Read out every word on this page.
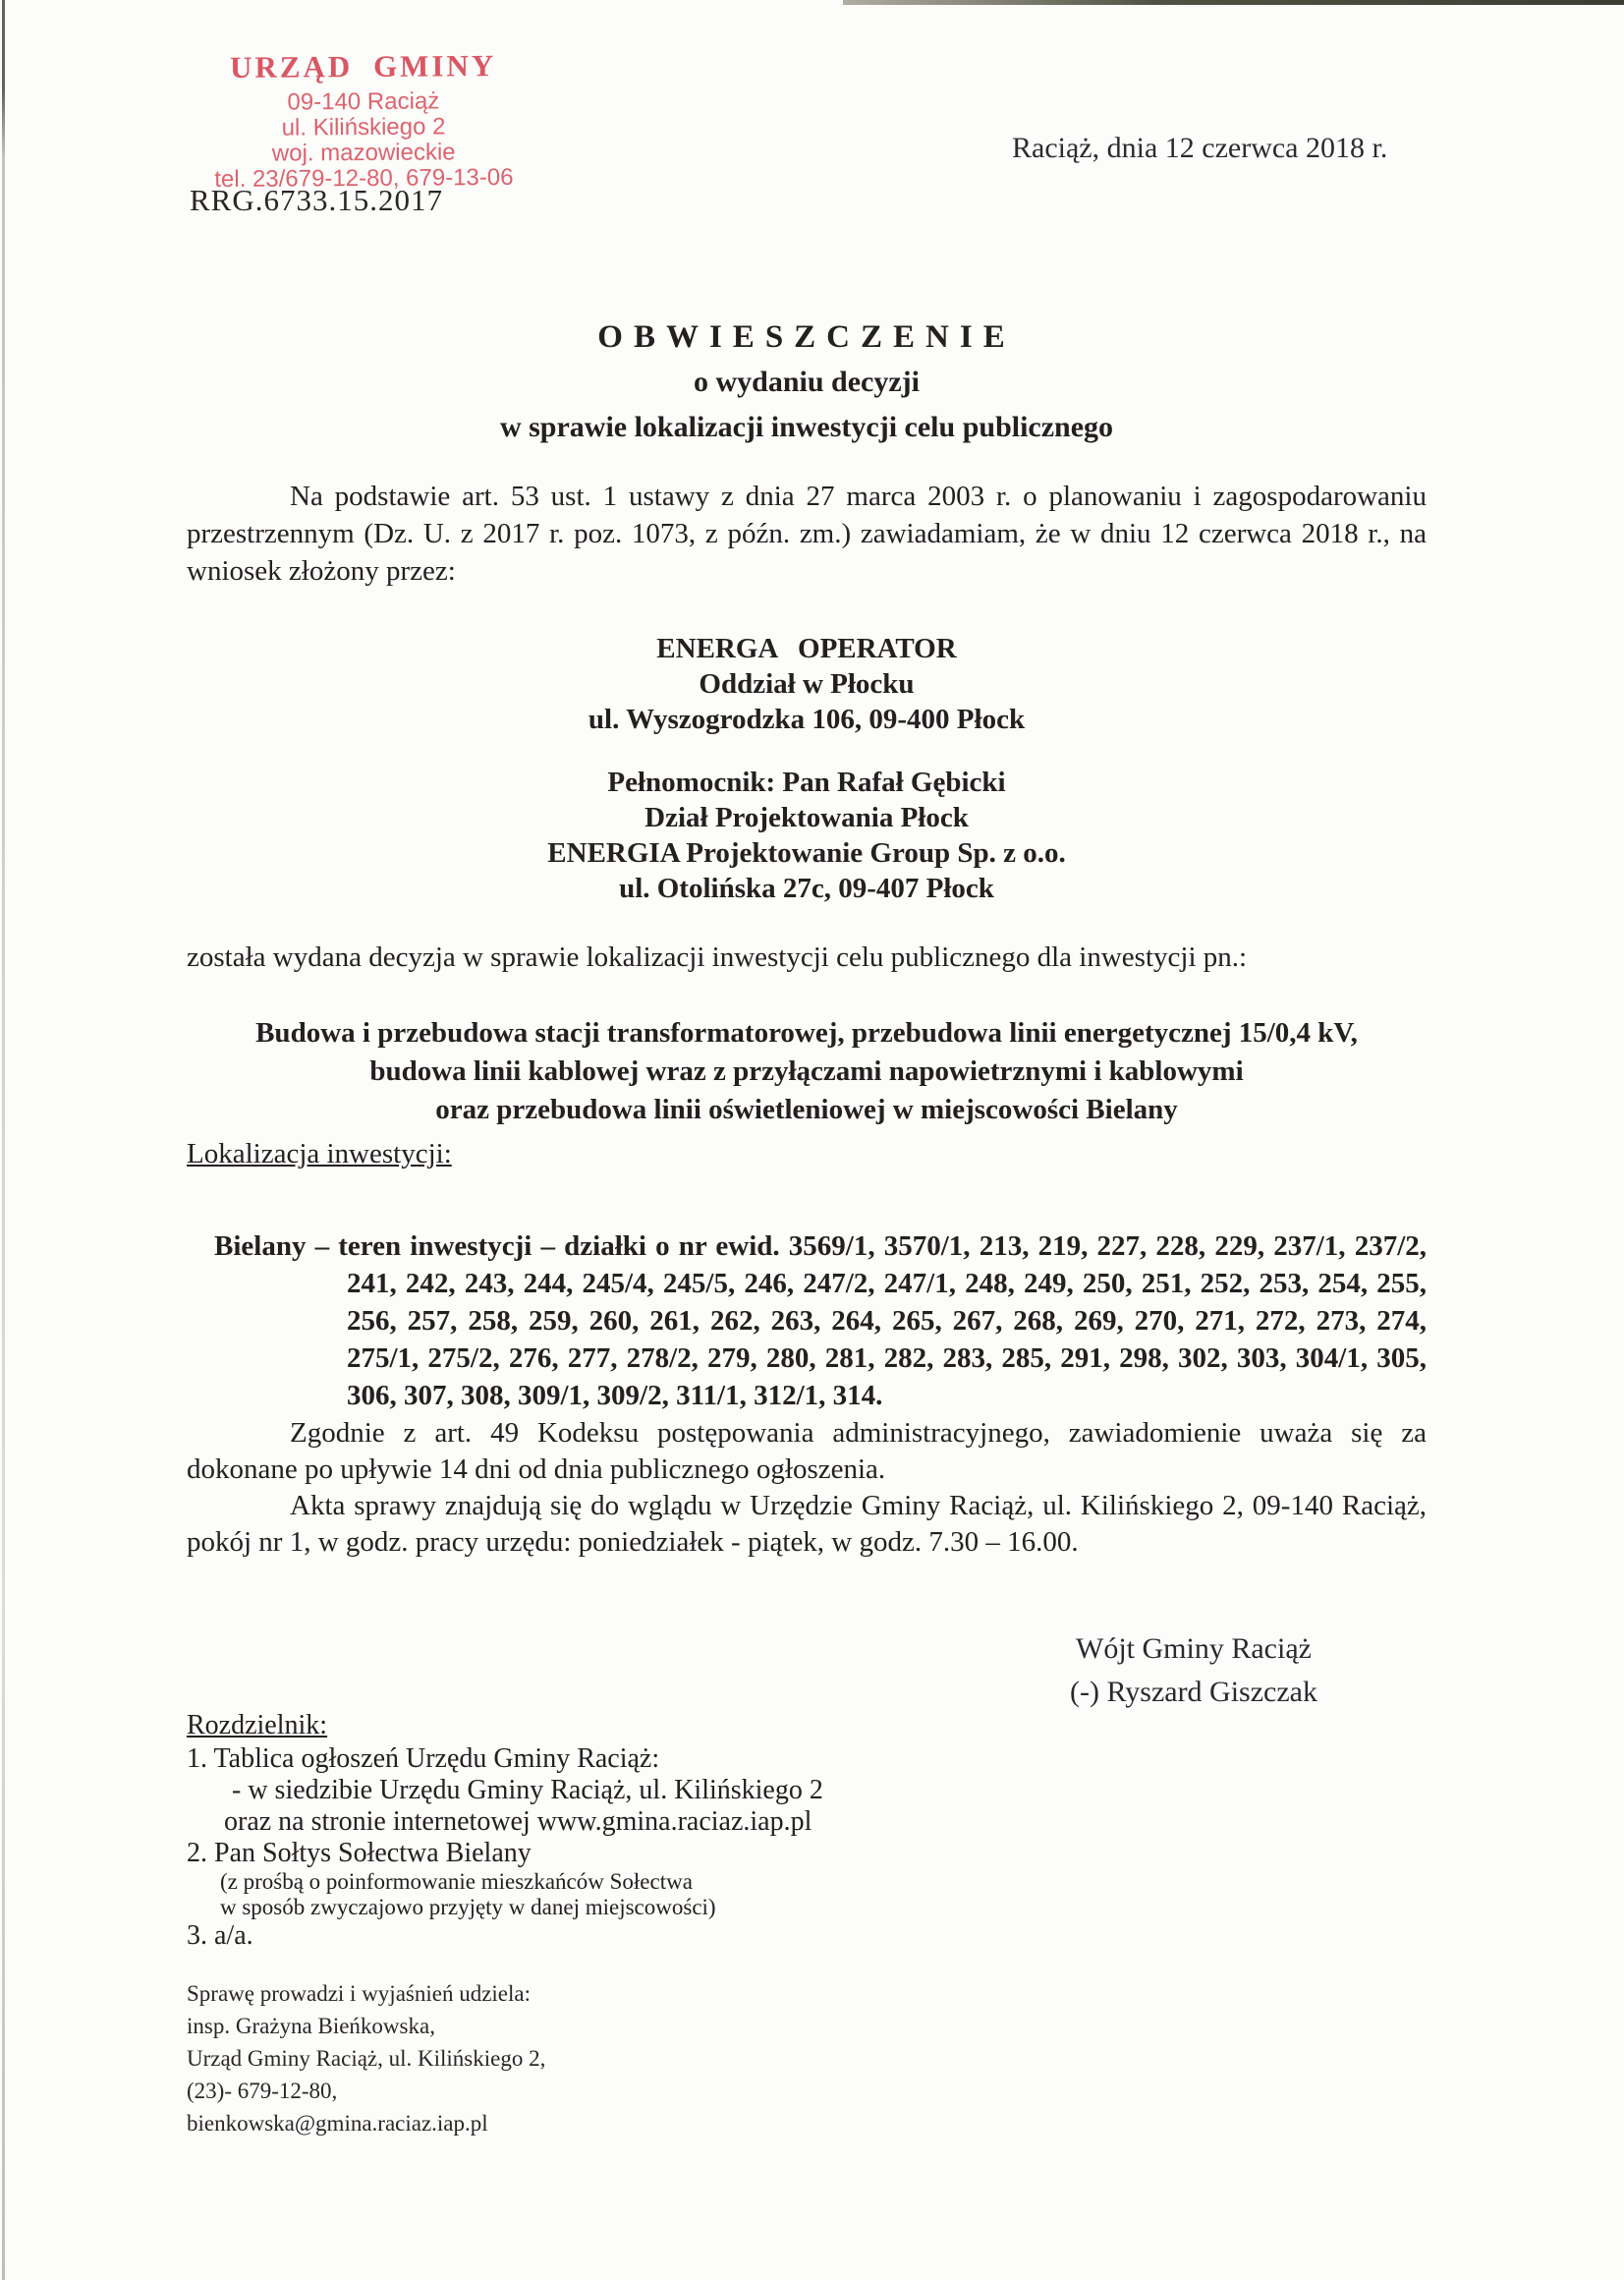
URZĄD GMINY
09-140 Raciąż
ul. Kilińskiego 2
woj. mazowieckie
tel. 23/679-12-80, 679-13-06
RRG.6733.15.2017
Raciąż, dnia 12 czerwca 2018 r.
OBWIESZCZENIE
o wydaniu decyzji
w sprawie lokalizacji inwestycji celu publicznego
Na podstawie art. 53 ust. 1 ustawy z dnia 27 marca 2003 r. o planowaniu i zagospodarowaniu przestrzennym (Dz. U. z 2017 r. poz. 1073, z późn. zm.) zawiadamiam, że w dniu 12 czerwca 2018 r., na wniosek złożony przez:
ENERGA OPERATOR
Oddział w Płocku
ul. Wyszogrodzka 106, 09-400 Płock
Pełnomocnik: Pan Rafał Gębicki
Dział Projektowania Płock
ENERGIA Projektowanie Group Sp. z o.o.
ul. Otolińska 27c, 09-407 Płock
została wydana decyzja w sprawie lokalizacji inwestycji celu publicznego dla inwestycji pn.:
Budowa i przebudowa stacji transformatorowej, przebudowa linii energetycznej 15/0,4 kV,
budowa linii kablowej wraz z przyłączami napowietrznymi i kablowymi
oraz przebudowa linii oświetleniowej w miejscowości Bielany
Lokalizacja inwestycji:

Bielany – teren inwestycji – działki o nr ewid. 3569/1, 3570/1, 213, 219, 227, 228, 229, 237/1, 237/2, 241, 242, 243, 244, 245/4, 245/5, 246, 247/2, 247/1, 248, 249, 250, 251, 252, 253, 254, 255, 256, 257, 258, 259, 260, 261, 262, 263, 264, 265, 267, 268, 269, 270, 271, 272, 273, 274, 275/1, 275/2, 276, 277, 278/2, 279, 280, 281, 282, 283, 285, 291, 298, 302, 303, 304/1, 305, 306, 307, 308, 309/1, 309/2, 311/1, 312/1, 314.

Zgodnie z art. 49 Kodeksu postępowania administracyjnego, zawiadomienie uważa się za dokonane po upływie 14 dni od dnia publicznego ogłoszenia.
Akta sprawy znajdują się do wglądu w Urzędzie Gminy Raciąż, ul. Kilińskiego 2, 09-140 Raciąż, pokój nr 1, w godz. pracy urzędu: poniedziałek - piątek, w godz. 7.30 – 16.00.
Wójt Gminy Raciąż
(-) Ryszard Giszczak
Rozdzielnik:
1. Tablica ogłoszeń Urzędu Gminy Raciąż:
- w siedzibie Urzędu Gminy Raciąż, ul. Kilińskiego 2
oraz na stronie internetowej www.gmina.raciaz.iap.pl
2. Pan Sołtys Sołectwa Bielany
(z prośbą o poinformowanie mieszkańców Sołectwa
w sposób zwyczajowo przyjęty w danej miejscowości)
3. a/a.
Sprawę prowadzi i wyjaśnień udziela:
insp. Grażyna Bieńkowska,
Urząd Gminy Raciąż, ul. Kilińskiego 2,
(23)- 679-12-80,
bienkowska@gmina.raciaz.iap.pl
